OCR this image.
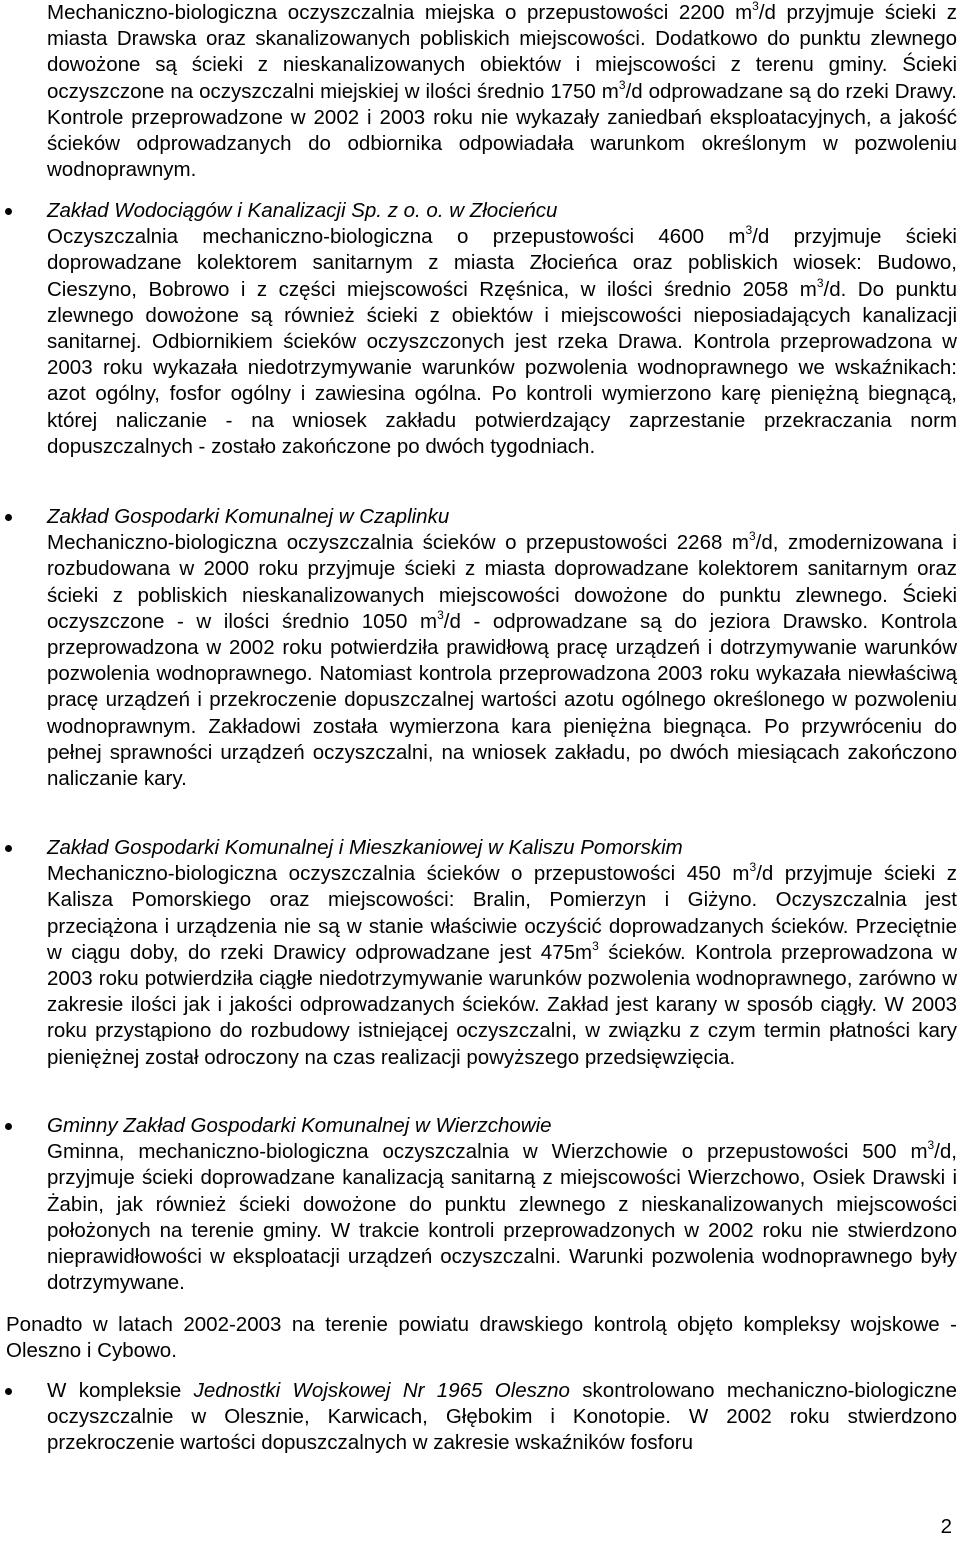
Mechaniczno-biologiczna oczyszczalnia miejska o przepustowości 2200 $m^3/d$ przyjmuje ścieki z miasta Drawska oraz skanalizowanych pobliskich miejscowości. Dodatkowo do punktu zlewnego dowożone są ścieki z nieskanalizowanych obiektów i miejscowości z terenu gminy. Ścieki oczyszczone na oczyszczalni miejskiej w ilości średnio 1750 $m^3/d$ odprowadzane są do rzeki Drawy. Kontrole przeprowadzone w 2002 i 2003 roku nie wykazały zaniedbań eksploatacyjnych, a jakość ścieków odprowadzanych do odbiornika odpowiadała warunkom określonym w pozwoleniu wodnoprawnym.
Zakład Wodociągów i Kanalizacji Sp. z o. o. w Złocieńcu
Oczyszczalnia mechaniczno-biologiczna o przepustowości 4600 $m^3/d$ przyjmuje ścieki doprowadzane kolektorem sanitarnym z miasta Złocieńca oraz pobliskich wiosek: Budowo, Cieszyno, Bobrowo i z części miejscowości Rzęśnica, w ilości średnio 2058 $m^3/d$. Do punktu zlewnego dowożone są również ścieki z obiektów i miejscowości nieposiadających kanalizacji sanitarnej. Odbiornikiem ścieków oczyszczonych jest rzeka Drawa. Kontrola przeprowadzona w 2003 roku wykazała niedotrzymywanie warunków pozwolenia wodnoprawnego we wskaźnikach: azot ogólny, fosfor ogólny i zawiesina ogólna. Po kontroli wymierzono karę pieniężną biegnącą, której naliczanie - na wniosek zakładu potwierdzający zaprzestanie przekraczania norm dopuszczalnych - zostało zakończone po dwóch tygodniach.
Zakład Gospodarki Komunalnej w Czaplinku
Mechaniczno-biologiczna oczyszczalnia ścieków o przepustowości 2268 $m^3/d$, zmodernizowana i rozbudowana w 2000 roku przyjmuje ścieki z miasta doprowadzane kolektorem sanitarnym oraz ścieki z pobliskich nieskanalizowanych miejscowości dowożone do punktu zlewnego. Ścieki oczyszczone - w ilości średnio 1050 $m^3/d$ - odprowadzane są do jeziora Drawsko. Kontrola przeprowadzona w 2002 roku potwierdziła prawidłową pracę urządzeń i dotrzymywanie warunków pozwolenia wodnoprawnego. Natomiast kontrola przeprowadzona 2003 roku wykazała niewłaściwą pracę urządzeń i przekroczenie dopuszczalnej wartości azotu ogólnego określonego w pozwoleniu wodnoprawnym. Zakładowi została wymierzona kara pieniężna biegnąca. Po przywróceniu do pełnej sprawności urządzeń oczyszczalni, na wniosek zakładu, po dwóch miesiącach zakończono naliczanie kary.
Zakład Gospodarki Komunalnej i Mieszkaniowej w Kaliszu Pomorskim
Mechaniczno-biologiczna oczyszczalnia ścieków o przepustowości 450 $m^3/d$ przyjmuje ścieki z Kalisza Pomorskiego oraz miejscowości: Bralin, Pomierzyn i Giżyno. Oczyszczalnia jest przeciążona i urządzenia nie są w stanie właściwie oczyścić doprowadzanych ścieków. Przeciętnie w ciągu doby, do rzeki Drawicy odprowadzane jest $475m^3$ ścieków. Kontrola przeprowadzona w 2003 roku potwierdziła ciągłe niedotrzymywanie warunków pozwolenia wodnoprawnego, zarówno w zakresie ilości jak i jakości odprowadzanych ścieków. Zakład jest karany w sposób ciągły. W 2003 roku przystąpiono do rozbudowy istniejącej oczyszczalni, w związku z czym termin płatności kary pieniężnej został odroczony na czas realizacji powyższego przedsięwzięcia.
Gminny Zakład Gospodarki Komunalnej w Wierzchowie
Gminna, mechaniczno-biologiczna oczyszczalnia w Wierzchowie o przepustowości 500 $m^3/d$, przyjmuje ścieki doprowadzane kanalizacją sanitarną z miejscowości Wierzchowo, Osiek Drawski i Żabin, jak również ścieki dowożone do punktu zlewnego z nieskanalizowanych miejscowości położonych na terenie gminy. W trakcie kontroli przeprowadzonych w 2002 roku nie stwierdzono nieprawidłowości w eksploatacji urządzeń oczyszczalni. Warunki pozwolenia wodnoprawnego były dotrzymywane.
Ponadto w latach 2002-2003 na terenie powiatu drawskiego kontrolą objęto kompleksy wojskowe - Oleszno i Cybowo.
W kompleksie Jednostki Wojskowej Nr 1965 Oleszno skontrolowano mechaniczno-biologiczne oczyszczalnie w Olesznie, Karwicach, Głębokim i Konotopie. W 2002 roku stwierdzono przekroczenie wartości dopuszczalnych w zakresie wskaźników fosforu
2
